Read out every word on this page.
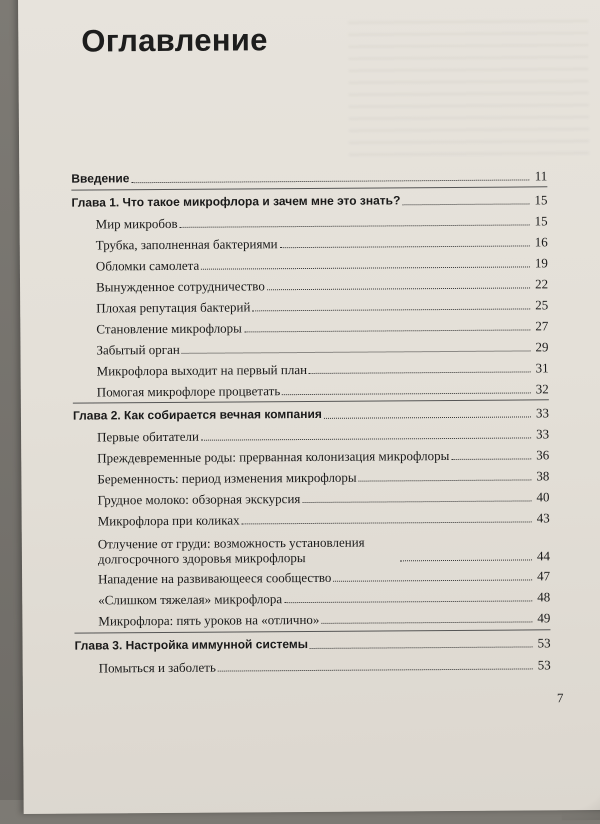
Оглавление
Введение	11
Глава 1. Что такое микрофлора и зачем мне это знать?	15
Мир микробов	15
Трубка, заполненная бактериями	16
Обломки самолета	19
Вынужденное сотрудничество	22
Плохая репутация бактерий	25
Становление микрофлоры	27
Забытый орган	29
Микрофлора выходит на первый план	31
Помогая микрофлоре процветать	32
Глава 2. Как собирается вечная компания	33
Первые обитатели	33
Преждевременные роды: прерванная колонизация микрофлоры	36
Беременность: период изменения микрофлоры	38
Грудное молоко: обзорная экскурсия	40
Микрофлора при коликах	43
Отлучение от груди: возможность установления долгосрочного здоровья микрофлоры	44
Нападение на развивающееся сообщество	47
«Слишком тяжелая» микрофлора	48
Микрофлора: пять уроков на «отлично»	49
Глава 3. Настройка иммунной системы	53
Помыться и заболеть	53
7
